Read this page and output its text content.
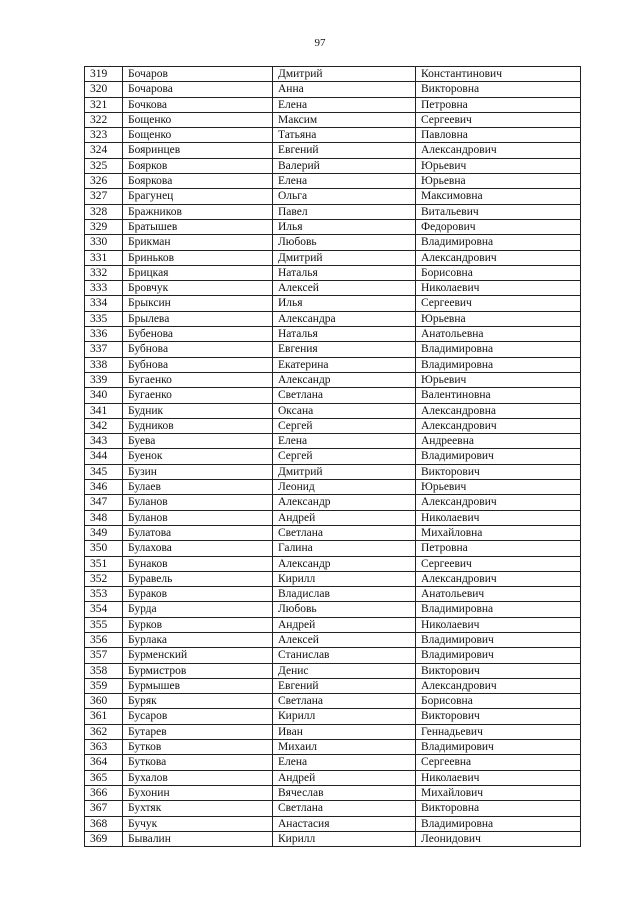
97
319	Бочаров	Дмитрий	Константинович
320	Бочарова	Анна	Викторовна
321	Бочкова	Елена	Петровна
322	Бощенко	Максим	Сергеевич
323	Бощенко	Татьяна	Павловна
324	Бояринцев	Евгений	Александрович
325	Боярков	Валерий	Юрьевич
326	Бояркова	Елена	Юрьевна
327	Брагунец	Ольга	Максимовна
328	Бражников	Павел	Витальевич
329	Братышев	Илья	Федорович
330	Брикман	Любовь	Владимировна
331	Бриньков	Дмитрий	Александрович
332	Брицкая	Наталья	Борисовна
333	Бровчук	Алексей	Николаевич
334	Брыксин	Илья	Сергеевич
335	Брылева	Александра	Юрьевна
336	Бубенова	Наталья	Анатольевна
337	Бубнова	Евгения	Владимировна
338	Бубнова	Екатерина	Владимировна
339	Бугаенко	Александр	Юрьевич
340	Бугаенко	Светлана	Валентиновна
341	Будник	Оксана	Александровна
342	Будников	Сергей	Александрович
343	Буева	Елена	Андреевна
344	Буенок	Сергей	Владимирович
345	Бузин	Дмитрий	Викторович
346	Булаев	Леонид	Юрьевич
347	Буланов	Александр	Александрович
348	Буланов	Андрей	Николаевич
349	Булатова	Светлана	Михайловна
350	Булахова	Галина	Петровна
351	Бунаков	Александр	Сергеевич
352	Буравель	Кирилл	Александрович
353	Бураков	Владислав	Анатольевич
354	Бурда	Любовь	Владимировна
355	Бурков	Андрей	Николаевич
356	Бурлака	Алексей	Владимирович
357	Бурменский	Станислав	Владимирович
358	Бурмистров	Денис	Викторович
359	Бурмышев	Евгений	Александрович
360	Буряк	Светлана	Борисовна
361	Бусаров	Кирилл	Викторович
362	Бутарев	Иван	Геннадьевич
363	Бутков	Михаил	Владимирович
364	Буткова	Елена	Сергеевна
365	Бухалов	Андрей	Николаевич
366	Бухонин	Вячеслав	Михайлович
367	Бухтяк	Светлана	Викторовна
368	Бучук	Анастасия	Владимировна
369	Бывалин	Кирилл	Леонидович
